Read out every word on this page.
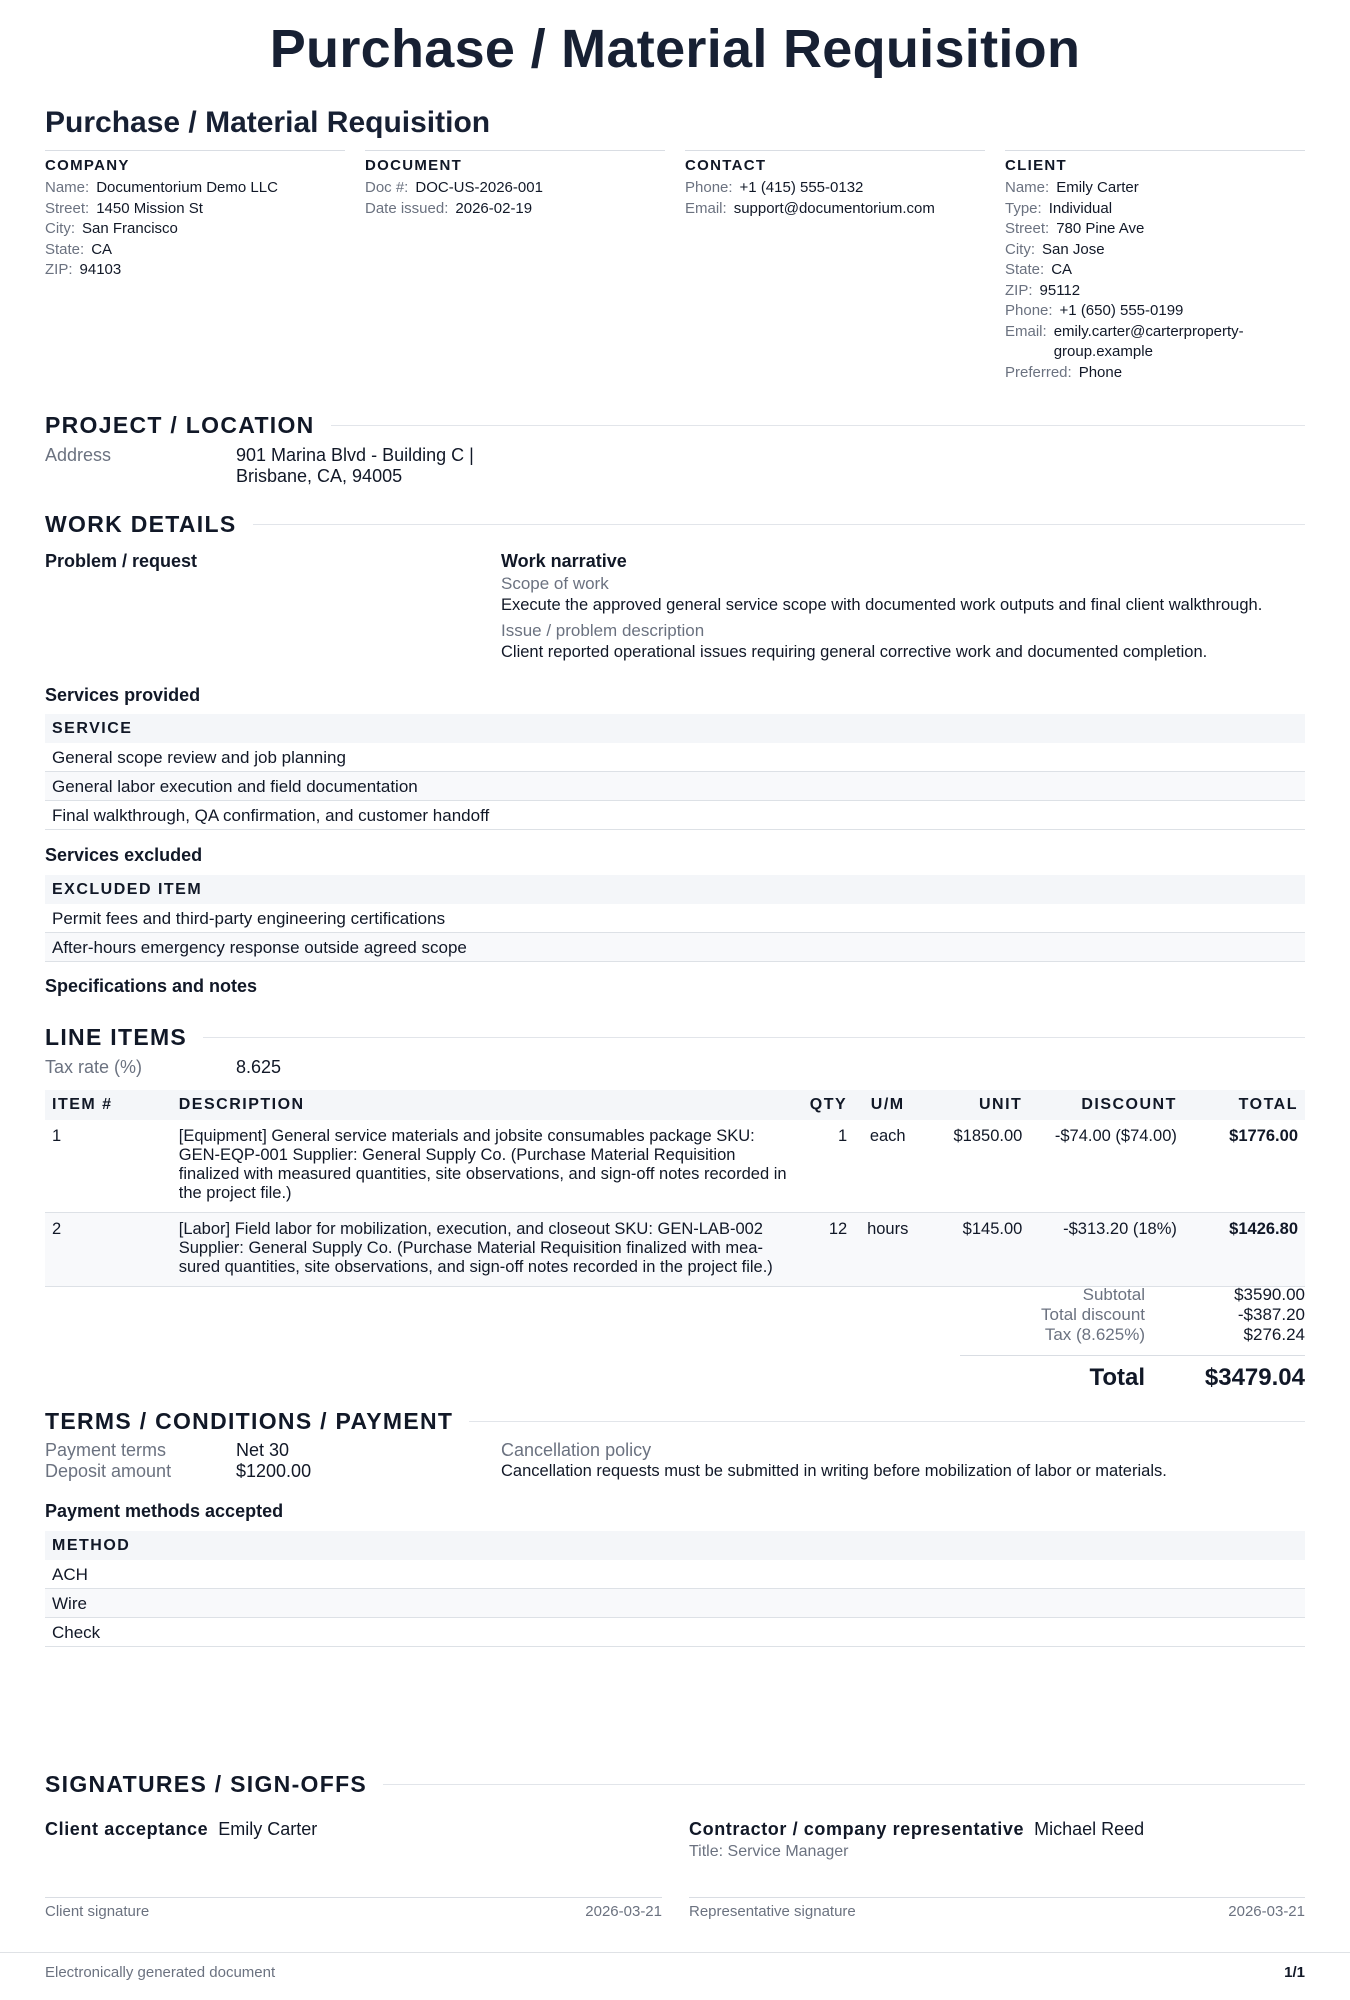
Purchase / Material Requisition
Purchase / Material Requisition
COMPANY
Name: Documentorium Demo LLC
Street: 1450 Mission St
City: San Francisco
State: CA
ZIP: 94103
DOCUMENT
Doc #: DOC-US-2026-001
Date issued: 2026-02-19
CONTACT
Phone: +1 (415) 555-0132
Email: support@documentorium.com
CLIENT
Name: Emily Carter
Type: Individual
Street: 780 Pine Ave
City: San Jose
State: CA
ZIP: 95112
Phone: +1 (650) 555-0199
Email: emily.carter@carterproperty-group.example
Preferred: Phone
PROJECT / LOCATION
Address	901 Marina Blvd - Building C |
Brisbane, CA, 94005
WORK DETAILS
Problem / request	Work narrative
Scope of work
Execute the approved general service scope with documented work outputs and final client walkthrough.
Issue / problem description
Client reported operational issues requiring general corrective work and documented completion.
Services provided
SERVICE
General scope review and job planning
General labor execution and field documentation
Final walkthrough, QA confirmation, and customer handoff
Services excluded
EXCLUDED ITEM
Permit fees and third-party engineering certifications
After-hours emergency response outside agreed scope
Specifications and notes
LINE ITEMS
Tax rate (%)	8.625
ITEM #	DESCRIPTION	QTY	U/M	UNIT	DISCOUNT	TOTAL
1	[Equipment] General service materials and jobsite consumables package SKU: GEN-EQP-001 Supplier: General Supply Co. (Purchase Material Requisition finalized with measured quantities, site observations, and sign-off notes recorded in the project file.)	1	each	$1850.00	-$74.00 ($74.00)	$1776.00
2	[Labor] Field labor for mobilization, execution, and closeout SKU: GEN-LAB-002 Supplier: General Supply Co. (Purchase Material Requisition finalized with mea-sured quantities, site observations, and sign-off notes recorded in the project file.)	12	hours	$145.00	-$313.20 (18%)	$1426.80
Subtotal	$3590.00
Total discount	-$387.20
Tax (8.625%)	$276.24
Total $3479.04
TERMS / CONDITIONS / PAYMENT
Payment terms	Net 30
Deposit amount	$1200.00
Cancellation policy
Cancellation requests must be submitted in writing before mobilization of labor or materials.
Payment methods accepted
METHOD
ACH
Wire
Check
SIGNATURES / SIGN-OFFS
Client acceptance Emily Carter	Contractor / company representative Michael Reed
Title: Service Manager
Client signature	2026-03-21 Representative signature	2026-03-21
Electronically generated document	1/1
